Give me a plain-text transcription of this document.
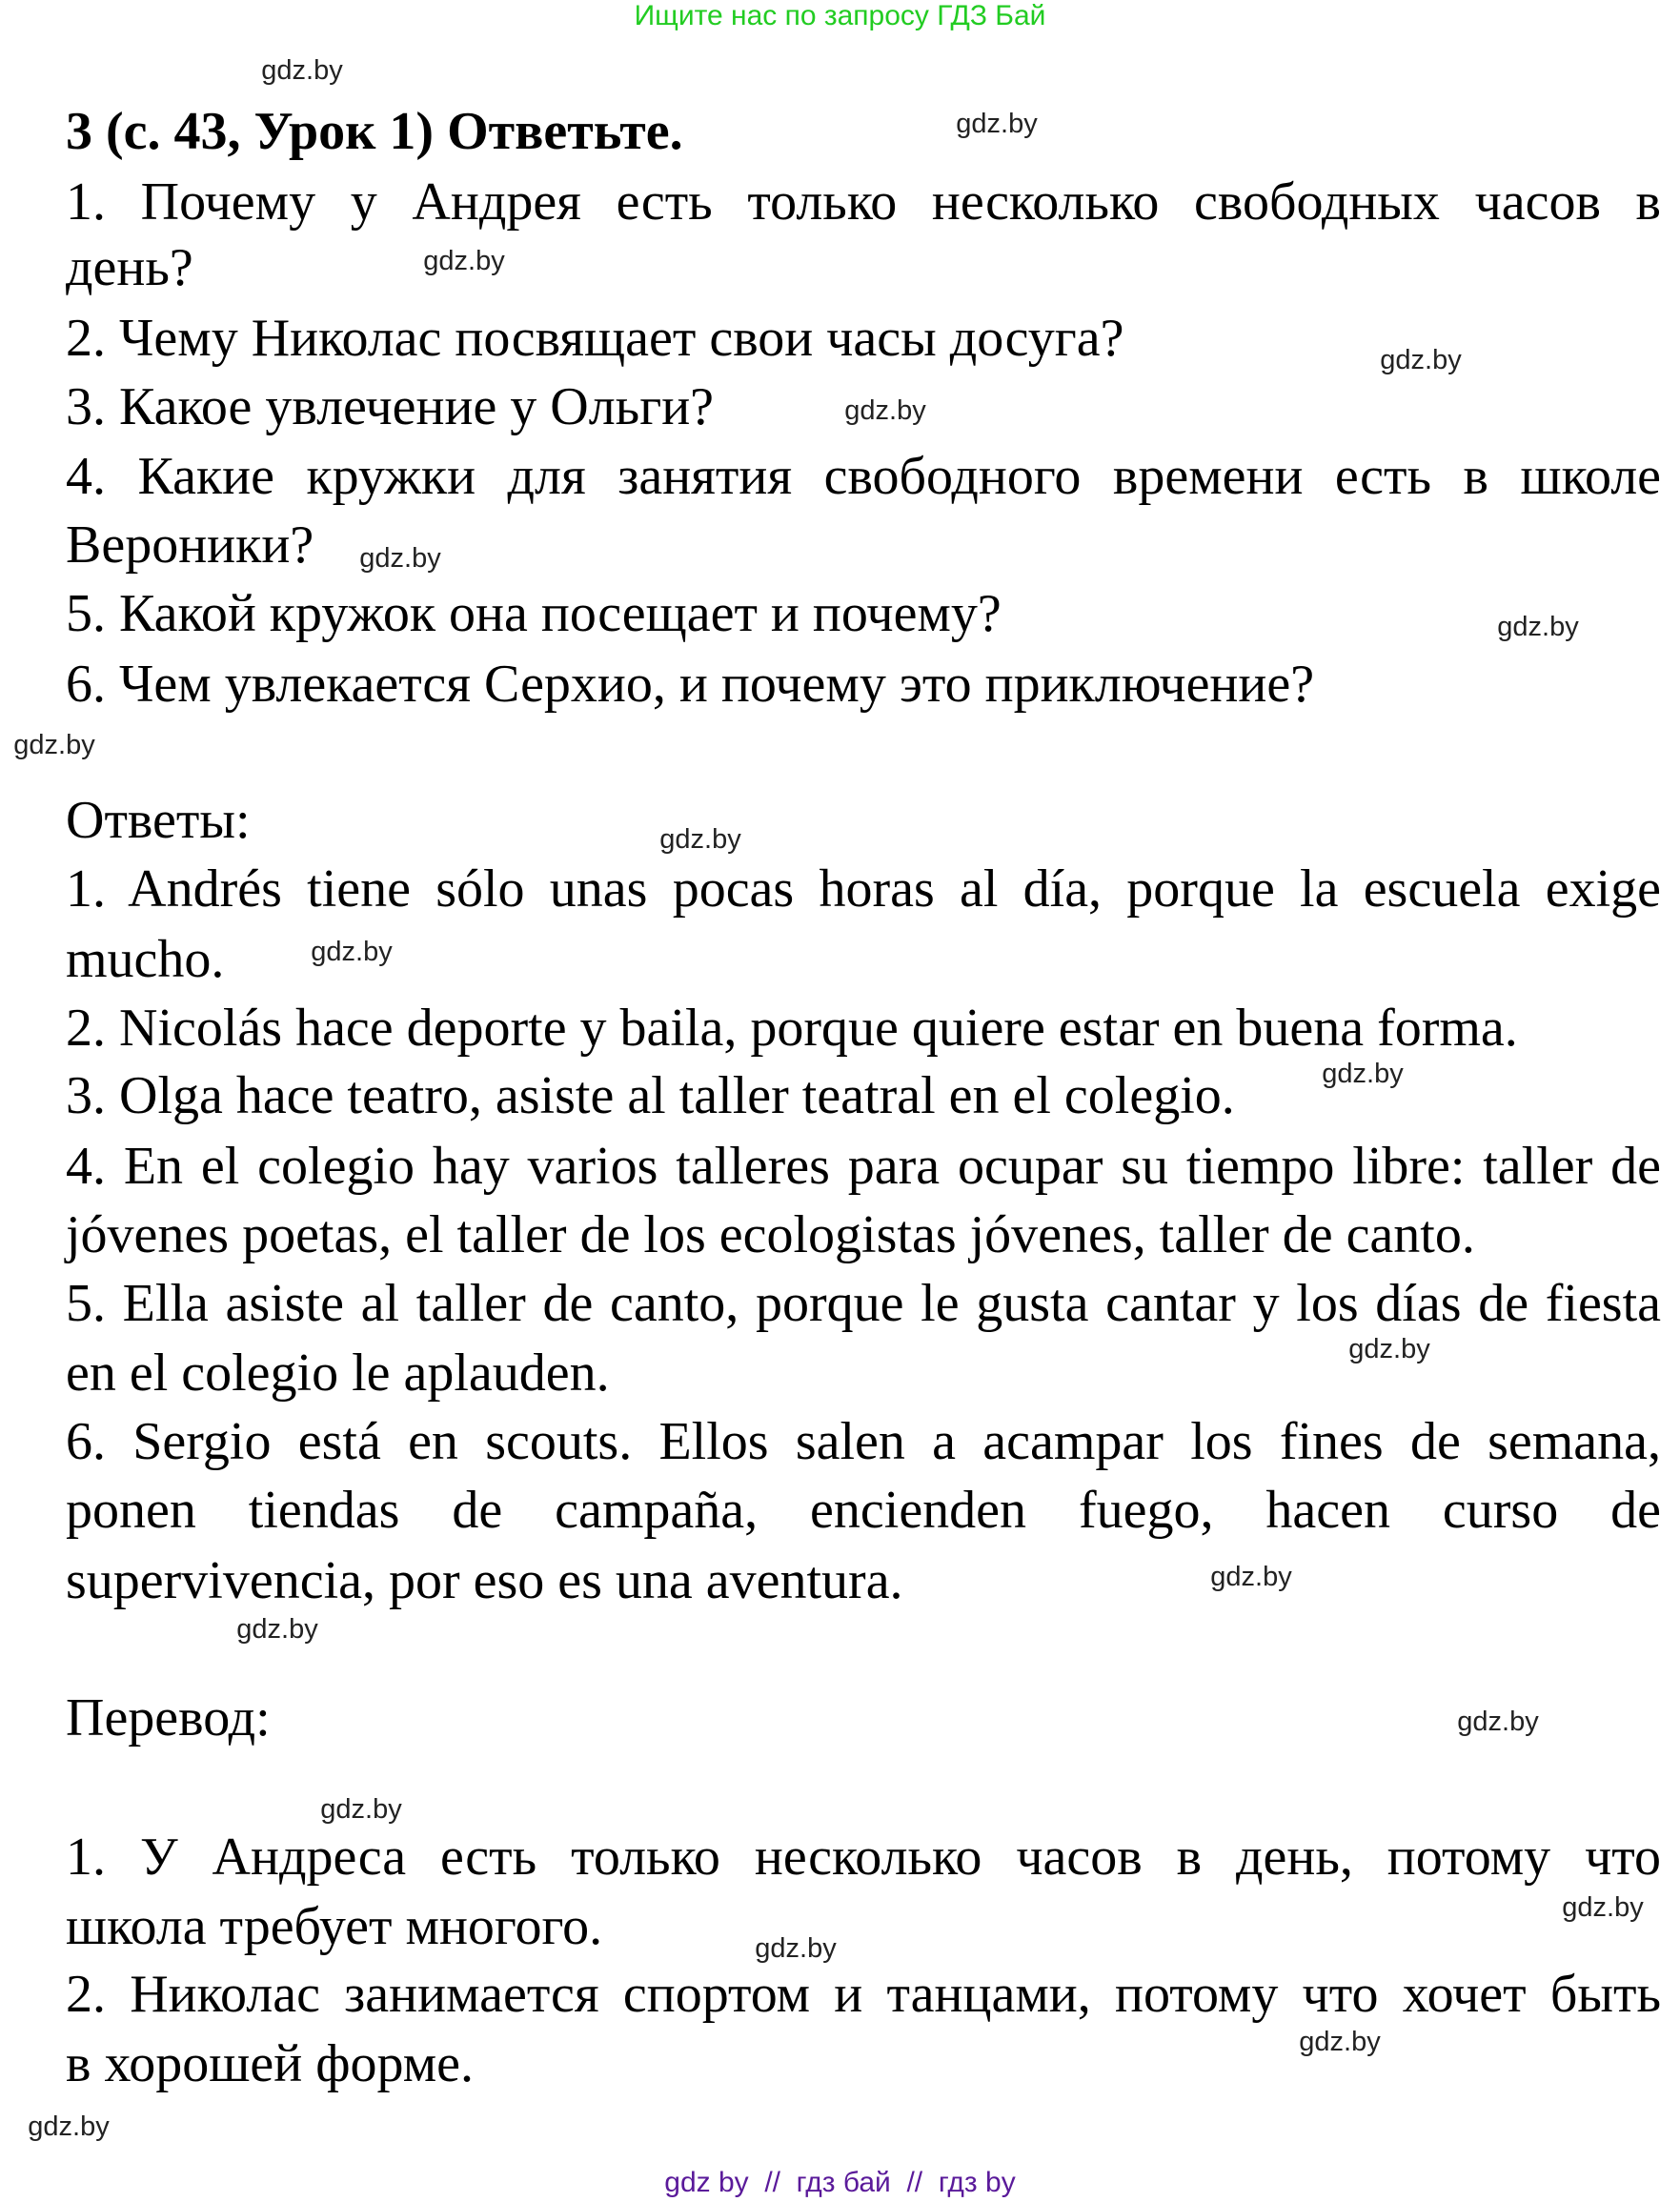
Ищите нас по запросу ГДЗ Бай
3 (с. 43, Урок 1) Ответьте.
1. Почему у Андрея есть только несколько свободных часов в
день?
2. Чему Николас посвящает свои часы досуга?
3. Какое увлечение у Ольги?
4. Какие кружки для занятия свободного времени есть в школе
Вероники?
5. Какой кружок она посещает и почему?
6. Чем увлекается Серхио, и почему это приключение?
Ответы:
1. Andrés tiene sólo unas pocas horas al día, porque la escuela exige
mucho.
2. Nicolás hace deporte y baila, porque quiere estar en buena forma.
3. Olga hace teatro, asiste al taller teatral en el colegio.
4. En el colegio hay varios talleres para ocupar su tiempo libre: taller de
jóvenes poetas, el taller de los ecologistas jóvenes, taller de canto.
5. Ella asiste al taller de canto, porque le gusta cantar y los días de fiesta
en el colegio le aplauden.
6. Sergio está en scouts. Ellos salen a acampar los fines de semana,
ponen tiendas de campaña, encienden fuego, hacen curso de
supervivencia, por eso es una aventura.
Перевод:
1. У Андреса есть только несколько часов в день, потому что
школа требует многого.
2. Николас занимается спортом и танцами, потому что хочет быть
в хорошей форме.
gdz.by
gdz.by
gdz.by
gdz.by
gdz.by
gdz.by
gdz.by
gdz.by
gdz.by
gdz.by
gdz.by
gdz.by
gdz.by
gdz.by
gdz.by
gdz.by
gdz.by
gdz.by
gdz.by
gdz.by
gdz by  //  гдз бай  //  гдз by
